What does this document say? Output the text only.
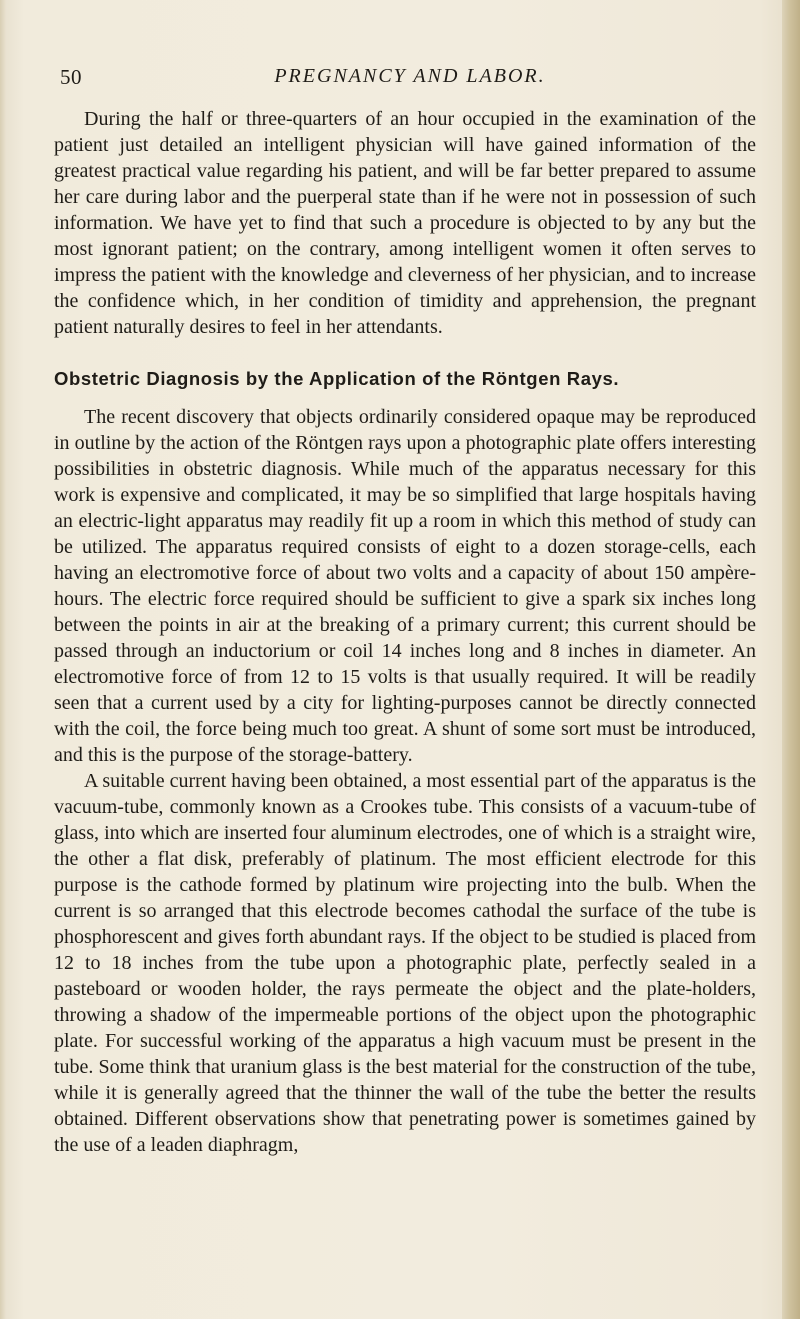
50	PREGNANCY AND LABOR.

During the half or three-quarters of an hour occupied in the examination of the patient just detailed an intelligent physician will have gained information of the greatest practical value regarding his patient, and will be far better prepared to assume her care during labor and the puerperal state than if he were not in possession of such information. We have yet to find that such a procedure is objected to by any but the most ignorant patient; on the contrary, among intelligent women it often serves to impress the patient with the knowledge and cleverness of her physician, and to increase the confidence which, in her condition of timidity and apprehension, the pregnant patient naturally desires to feel in her attendants.

Obstetric Diagnosis by the Application of the Röntgen Rays.

The recent discovery that objects ordinarily considered opaque may be reproduced in outline by the action of the Röntgen rays upon a photographic plate offers interesting possibilities in obstetric diagnosis. While much of the apparatus necessary for this work is expensive and complicated, it may be so simplified that large hospitals having an electric-light apparatus may readily fit up a room in which this method of study can be utilized. The apparatus required consists of eight to a dozen storage-cells, each having an electromotive force of about two volts and a capacity of about 150 ampère-hours. The electric force required should be sufficient to give a spark six inches long between the points in air at the breaking of a primary current; this current should be passed through an inductorium or coil 14 inches long and 8 inches in diameter. An electromotive force of from 12 to 15 volts is that usually required. It will be readily seen that a current used by a city for lighting-purposes cannot be directly connected with the coil, the force being much too great. A shunt of some sort must be introduced, and this is the purpose of the storage-battery.

A suitable current having been obtained, a most essential part of the apparatus is the vacuum-tube, commonly known as a Crookes tube. This consists of a vacuum-tube of glass, into which are inserted four aluminum electrodes, one of which is a straight wire, the other a flat disk, preferably of platinum. The most efficient electrode for this purpose is the cathode formed by platinum wire projecting into the bulb. When the current is so arranged that this electrode becomes cathodal the surface of the tube is phosphorescent and gives forth abundant rays. If the object to be studied is placed from 12 to 18 inches from the tube upon a photographic plate, perfectly sealed in a pasteboard or wooden holder, the rays permeate the object and the plate-holders, throwing a shadow of the impermeable portions of the object upon the photographic plate. For successful working of the apparatus a high vacuum must be present in the tube. Some think that uranium glass is the best material for the construction of the tube, while it is generally agreed that the thinner the wall of the tube the better the results obtained. Different observations show that penetrating power is sometimes gained by the use of a leaden diaphragm,
